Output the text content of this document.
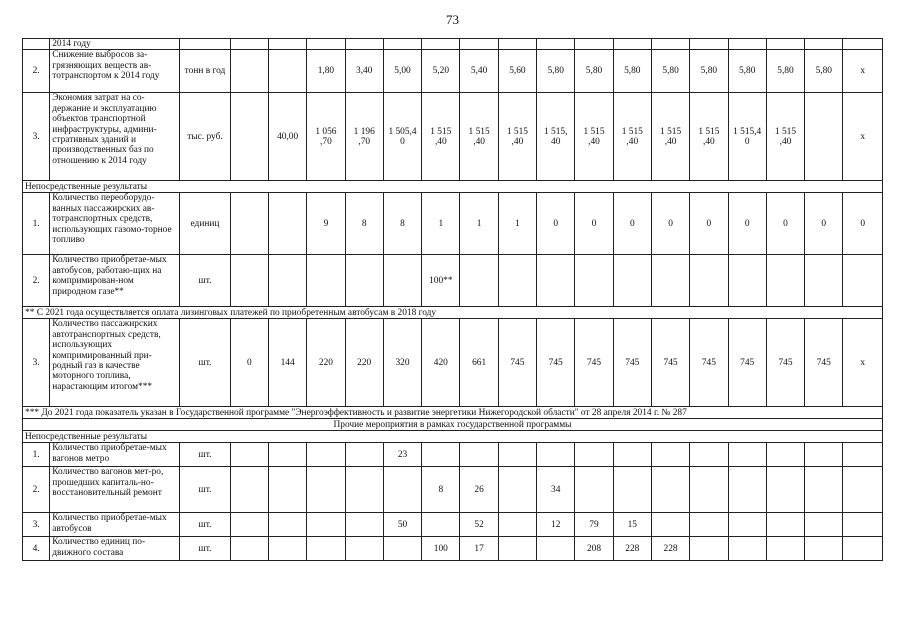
73
	2014 году																		
2.	Снижение выбросов за-грязняющих веществ ав-тотранспортом к 2014 году	тонн в год			1,80	3,40	5,00	5,20	5,40	5,60	5,80	5,80	5,80	5,80	5,80	5,80	5,80	5,80	x
3.	Экономия затрат на со-держание и эксплуатацию объектов транспортной инфраструктуры, админи-стративных зданий и производственных баз по отношению к 2014 году	тыс. руб.		40,00	1 056 ,70	1 196 ,70	1 505,4 0	1 515 ,40	1 515 ,40	1 515 ,40	1 515, 40	1 515 ,40	1 515 ,40	1 515 ,40	1 515 ,40	1 515,4 0	1 515 ,40		x
Непосредственные результаты																			
1.	Количество переоборудо-ванных пассажирских ав-тотранспортных средств, использующих газомо-торное топливо	единиц			9	8	8	1	1	1	0	0	0	0	0	0	0	0	0
2.	Количество приобретае-мых автобусов, работаю-щих на компримирован-ном природном газе**	шт.						100**											
** С 2021 года осуществляется оплата лизинговых платежей по приобретенным автобусам в 2018 году																			
3.	Количество пассажирских автотранспортных средств, использующих компримированный при-родный газ в качестве моторного топлива, нарастающим итогом***	шт.	0	144	220	220	320	420	661	745	745	745	745	745	745	745	745	745	x
*** До 2021 года показатель указан в Государственной программе "Энергоэффективность и развитие энергетики Нижегородской области" от 28 апреля 2014 г. № 287																			
Прочие мероприятия в рамках государственной программы																			
Непосредственные результаты																			
1.	Количество приобретае-мых вагонов метро	шт.					23												
2.	Количество вагонов мет-ро, прошедших капиталь-но-восстановительный ремонт	шт.						8	26		34								
3.	Количество приобретае-мых автобусов	шт.					50		52		12	79	15						
4.	Количество единиц по-движного состава	шт.						100	17			208	228	228					
